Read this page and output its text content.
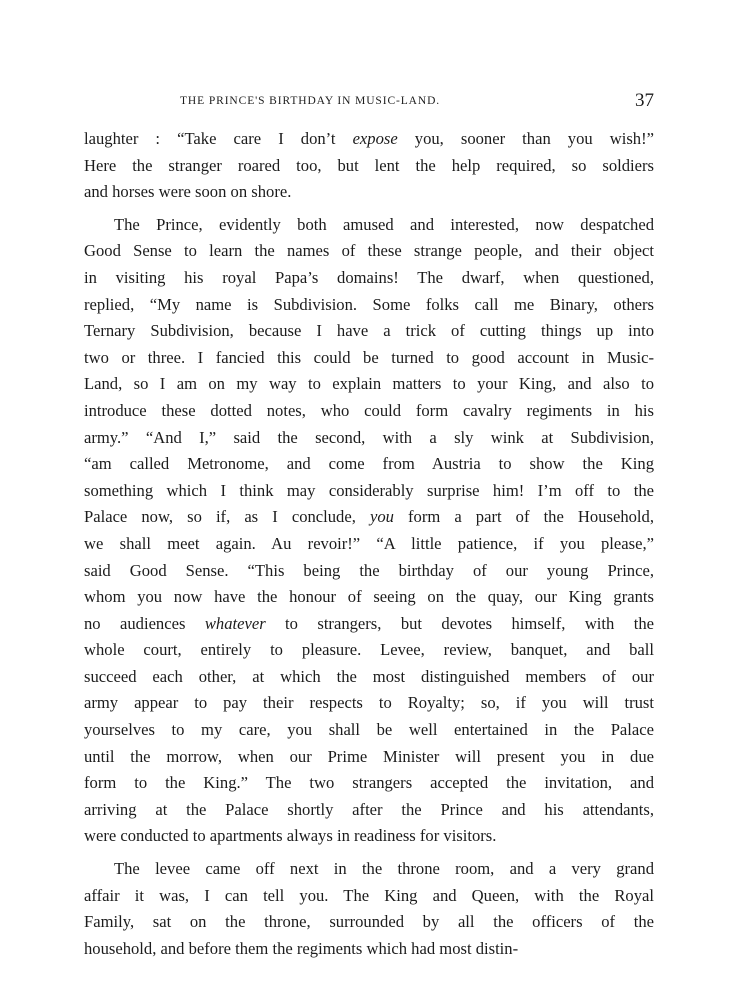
THE PRINCE'S BIRTHDAY IN MUSIC-LAND.	37
laughter : “Take care I don’t expose you, sooner than you wish!”
Here the stranger roared too, but lent the help required, so soldiers
and horses were soon on shore.
The Prince, evidently both amused and interested, now despatched
Good Sense to learn the names of these strange people, and their object
in visiting his royal Papa’s domains! The dwarf, when questioned,
replied, “My name is Subdivision. Some folks call me Binary, others
Ternary Subdivision, because I have a trick of cutting things up into
two or three. I fancied this could be turned to good account in Music-
Land, so I am on my way to explain matters to your King, and also to
introduce these dotted notes, who could form cavalry regiments in his
army.” “And I,” said the second, with a sly wink at Subdivision,
“am called Metronome, and come from Austria to show the King
something which I think may considerably surprise him! I’m off to the
Palace now, so if, as I conclude, you form a part of the Household,
we shall meet again. Au revoir!” “A little patience, if you please,”
said Good Sense. “This being the birthday of our young Prince,
whom you now have the honour of seeing on the quay, our King grants
no audiences whatever to strangers, but devotes himself, with the
whole court, entirely to pleasure. Levee, review, banquet, and ball
succeed each other, at which the most distinguished members of our
army appear to pay their respects to Royalty; so, if you will trust
yourselves to my care, you shall be well entertained in the Palace
until the morrow, when our Prime Minister will present you in due
form to the King.” The two strangers accepted the invitation, and
arriving at the Palace shortly after the Prince and his attendants,
were conducted to apartments always in readiness for visitors.
The levee came off next in the throne room, and a very grand
affair it was, I can tell you. The King and Queen, with the Royal
Family, sat on the throne, surrounded by all the officers of the
household, and before them the regiments which had most distin-
